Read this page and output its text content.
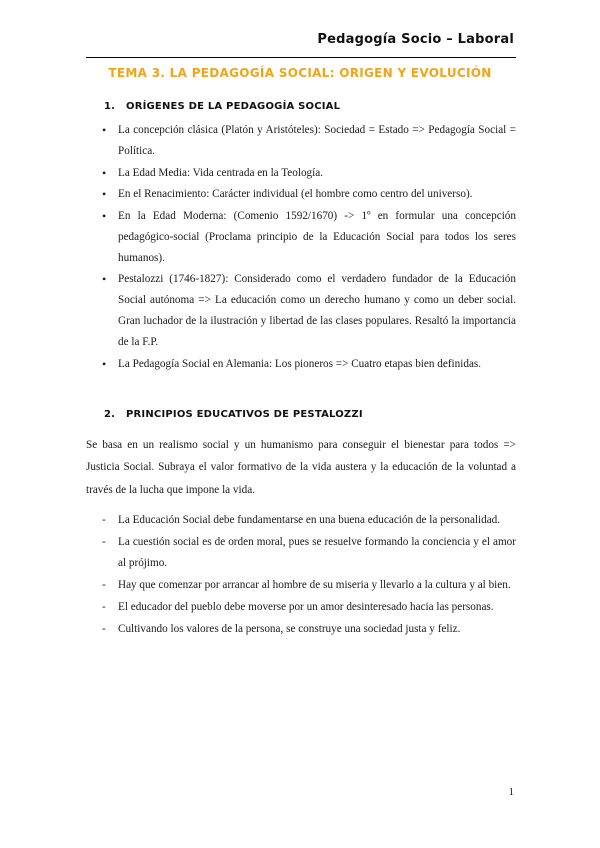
Pedagogía Socio – Laboral
TEMA 3. LA PEDAGOGÍA SOCIAL: ORIGEN Y EVOLUCIÓN
1. ORÍGENES DE LA PEDAGOGÍA SOCIAL
• La concepción clásica (Platón y Aristóteles): Sociedad = Estado => Pedagogía Social = Política.
• La Edad Media: Vida centrada en la Teología.
• En el Renacimiento: Carácter individual (el hombre como centro del universo).
• En la Edad Moderna: (Comenio 1592/1670) -> 1º en formular una concepción pedagógico-social (Proclama principio de la Educación Social para todos los seres humanos).
• Pestalozzi (1746-1827): Considerado como el verdadero fundador de la Educación Social autónoma => La educación como un derecho humano y como un deber social. Gran luchador de la ilustración y libertad de las clases populares. Resaltó la importancia de la F.P.
• La Pedagogía Social en Alemania: Los pioneros => Cuatro etapas bien definidas.
2. PRINCIPIOS EDUCATIVOS DE PESTALOZZI
Se basa en un realismo social y un humanismo para conseguir el bienestar para todos => Justicia Social. Subraya el valor formativo de la vida austera y la educación de la voluntad a través de la lucha que impone la vida.
- La Educación Social debe fundamentarse en una buena educación de la personalidad.
- La cuestión social es de orden moral, pues se resuelve formando la conciencia y el amor al prójimo.
- Hay que comenzar por arrancar al hombre de su miseria y llevarlo a la cultura y al bien.
- El educador del pueblo debe moverse por un amor desinteresado hacia las personas.
- Cultivando los valores de la persona, se construye una sociedad justa y feliz.
1
